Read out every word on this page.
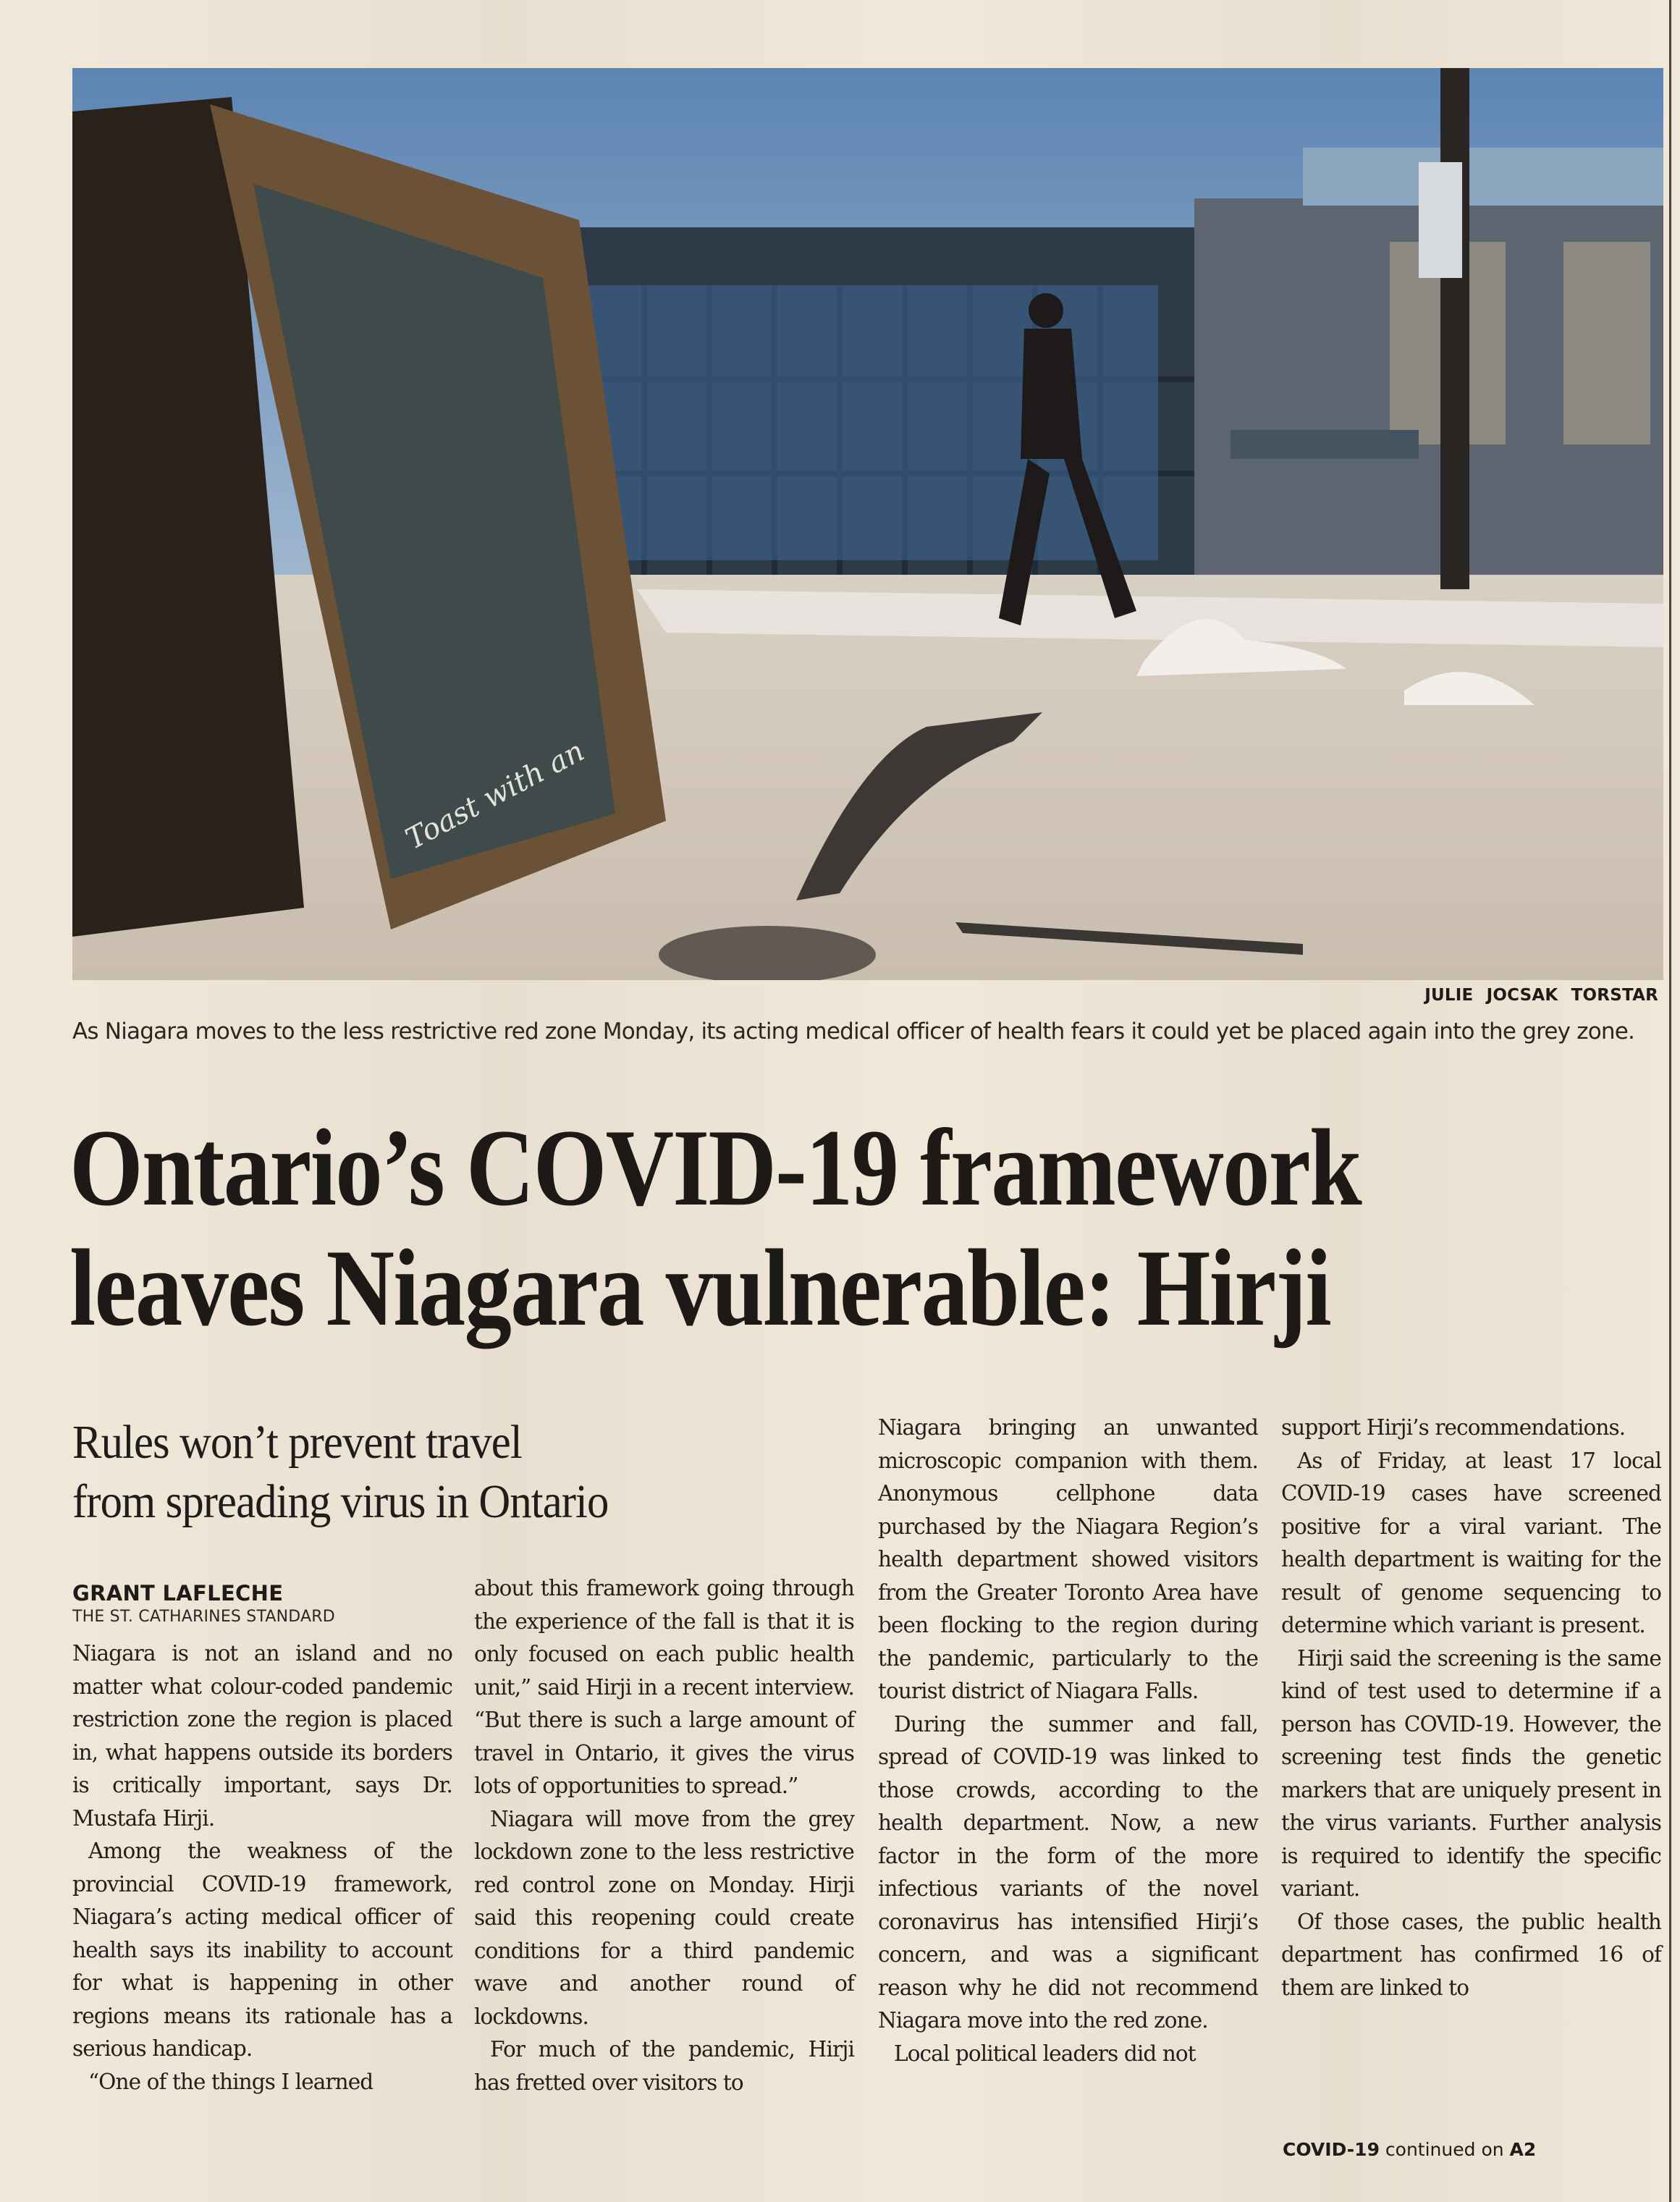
Toast with an
JULIE JOCSAK TORSTAR
As Niagara moves to the less restrictive red zone Monday, its acting medical officer of health fears it could yet be placed again into the grey zone.
Ontario’s COVID-19 framework
leaves Niagara vulnerable: Hirji
Rules won’t prevent travel
from spreading virus in Ontario
GRANT LAFLECHE
THE ST. CATHARINES STANDARD

Niagara is not an island and no matter what colour-coded pandemic restriction zone the region is placed in, what happens outside its borders is critically important, says Dr. Mustafa Hirji.

Among the weakness of the provincial COVID-19 framework, Niagara’s acting medical officer of health says its inability to account for what is happening in other regions means its rationale has a serious handicap.

“One of the things I learned

about this framework going through the experience of the fall is that it is only focused on each public health unit,” said Hirji in a recent interview. “But there is such a large amount of travel in Ontario, it gives the virus lots of opportunities to spread.”

Niagara will move from the grey lockdown zone to the less restrictive red control zone on Monday. Hirji said this reopening could create conditions for a third pandemic wave and another round of lockdowns.

For much of the pandemic, Hirji has fretted over visitors to

Niagara bringing an unwanted microscopic companion with them. Anonymous cellphone data purchased by the Niagara Region’s health department showed visitors from the Greater Toronto Area have been flocking to the region during the pandemic, particularly to the tourist district of Niagara Falls.

During the summer and fall, spread of COVID-19 was linked to those crowds, according to the health department. Now, a new factor in the form of the more infectious variants of the novel coronavirus has intensified Hirji’s concern, and was a significant reason why he did not recommend Niagara move into the red zone.

Local political leaders did not

support Hirji’s recommendations.

As of Friday, at least 17 local COVID-19 cases have screened positive for a viral variant. The health department is waiting for the result of genome sequencing to determine which variant is present.

Hirji said the screening is the same kind of test used to determine if a person has COVID-19. However, the screening test finds the genetic markers that are uniquely present in the virus variants. Further analysis is required to identify the specific variant.

Of those cases, the public health department has confirmed 16 of them are linked to

COVID-19 continued on A2
